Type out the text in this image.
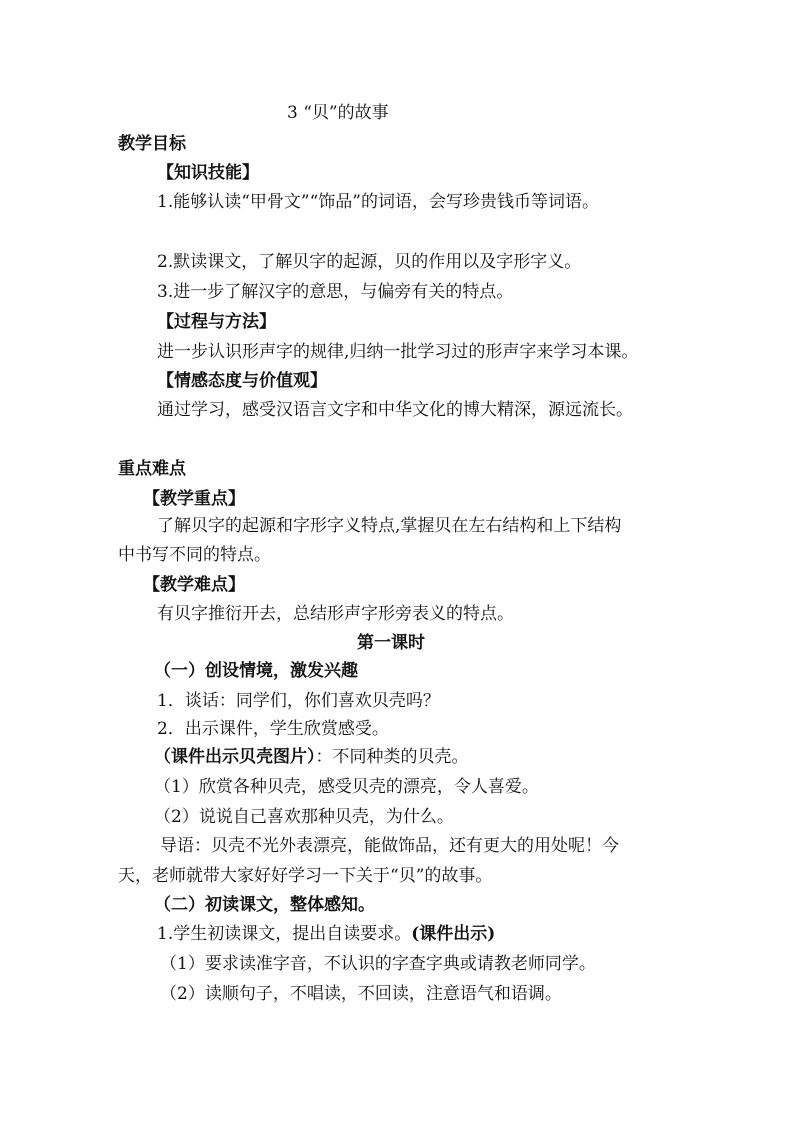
3 “贝”的故事
教学目标
【知识技能】
1.能够认读“甲骨文”“饰品”的词语，会写珍贵钱币等词语。
2.默读课文，了解贝字的起源，贝的作用以及字形字义。
3.进一步了解汉字的意思，与偏旁有关的特点。
【过程与方法】
进一步认识形声字的规律,归纳一批学习过的形声字来学习本课。
【情感态度与价值观】
通过学习，感受汉语言文字和中华文化的博大精深，源远流长。
重点难点
【教学重点】
了解贝字的起源和字形字义特点,掌握贝在左右结构和上下结构
中书写不同的特点。
【教学难点】
有贝字推衍开去，总结形声字形旁表义的特点。
第一课时
（一）创设情境，激发兴趣
1．谈话：同学们，你们喜欢贝壳吗？
2．出示课件，学生欣赏感受。
（课件出示贝壳图片）：不同种类的贝壳。
（1）欣赏各种贝壳，感受贝壳的漂亮，令人喜爱。
（2）说说自己喜欢那种贝壳，为什么。
导语：贝壳不光外表漂亮，能做饰品，还有更大的用处呢！今
天，老师就带大家好好学习一下关于“贝”的故事。
（二）初读课文，整体感知。
1.学生初读课文，提出自读要求。(课件出示)
（1）要求读准字音，不认识的字查字典或请教老师同学。
（2）读顺句子，不唱读，不回读，注意语气和语调。
